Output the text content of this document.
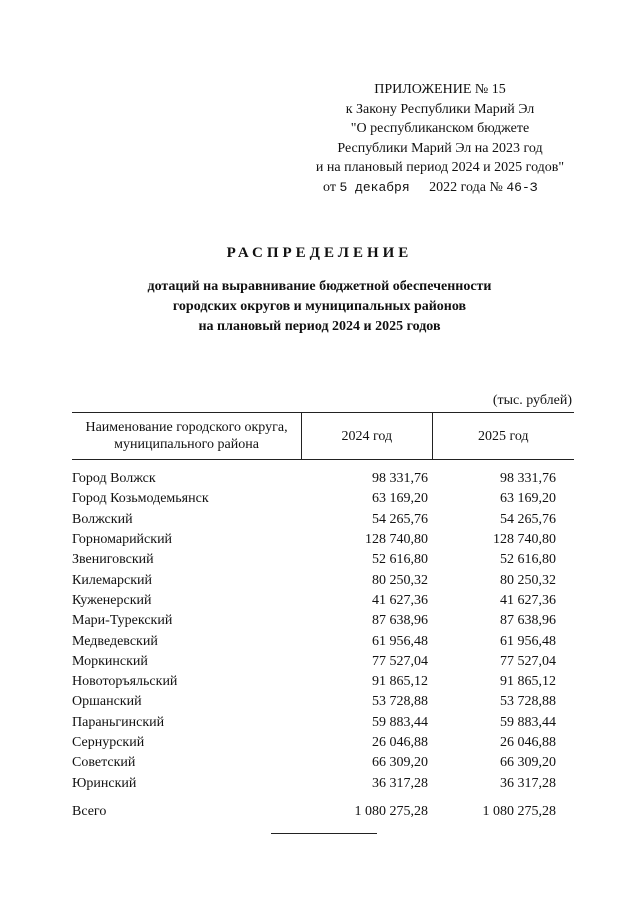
ПРИЛОЖЕНИЕ № 15
к Закону Республики Марий Эл
"О республиканском бюджете
Республики Марий Эл на 2023 год
и на плановый период 2024 и 2025 годов"
от 5 декабря 2022 года № 46-З
РАСПРЕДЕЛЕНИЕ
дотаций на выравнивание бюджетной обеспеченности
городских округов и муниципальных районов
на плановый период 2024 и 2025 годов
(тыс. рублей)
Наименование городского округа,
муниципального района	2024 год	2025 год
Город Волжск	98 331,76	98 331,76
Город Козьмодемьянск	63 169,20	63 169,20
Волжский	54 265,76	54 265,76
Горномарийский	128 740,80	128 740,80
Звениговский	52 616,80	52 616,80
Килемарский	80 250,32	80 250,32
Куженерский	41 627,36	41 627,36
Мари-Турекский	87 638,96	87 638,96
Медведевский	61 956,48	61 956,48
Моркинский	77 527,04	77 527,04
Новоторъяльский	91 865,12	91 865,12
Оршанский	53 728,88	53 728,88
Параньгинский	59 883,44	59 883,44
Сернурский	26 046,88	26 046,88
Советский	66 309,20	66 309,20
Юринский	36 317,28	36 317,28
Всего	1 080 275,28	1 080 275,28
